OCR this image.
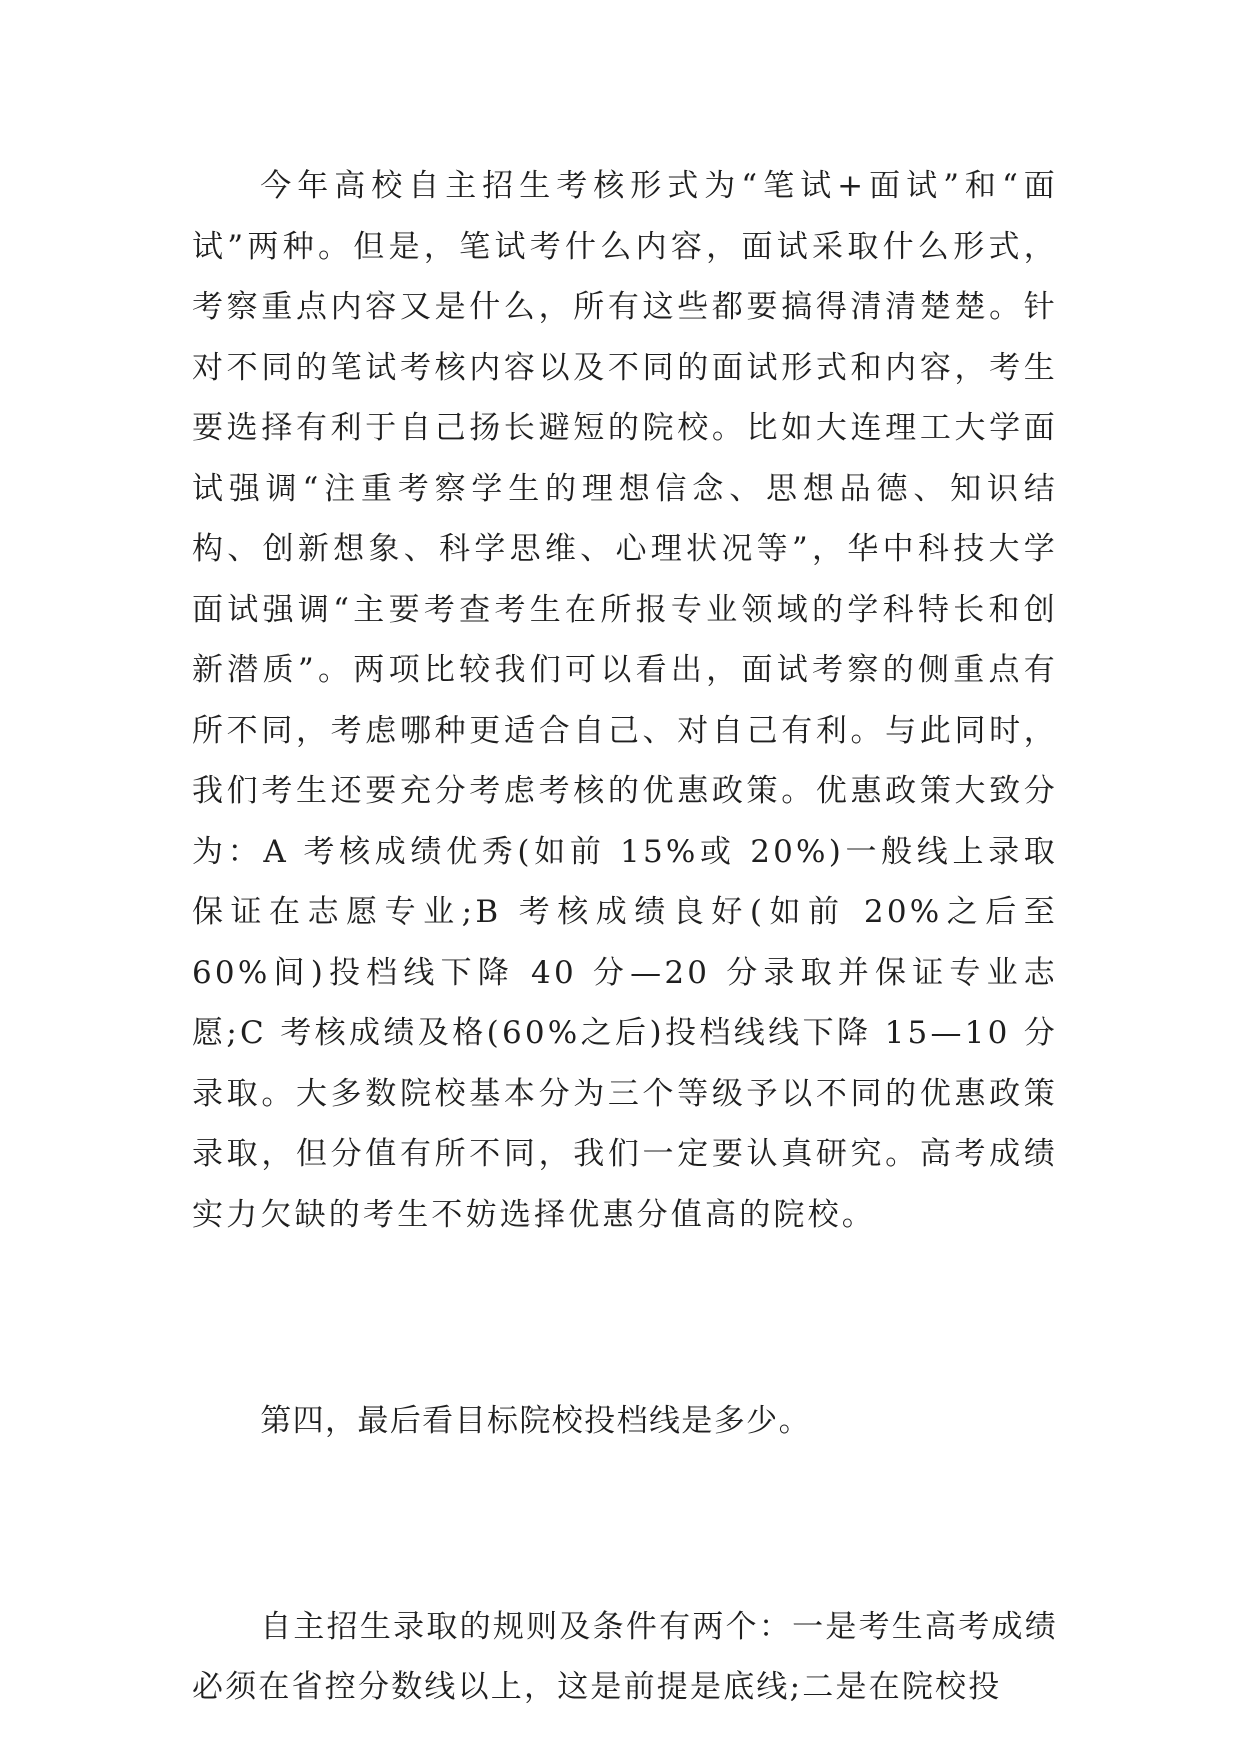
今年高校自主招生考核形式为“笔试+面试”和“面试”两种。但是，笔试考什么内容，面试采取什么形式，考察重点内容又是什么，所有这些都要搞得清清楚楚。针对不同的笔试考核内容以及不同的面试形式和内容，考生要选择有利于自己扬长避短的院校。比如大连理工大学面试强调“注重考察学生的理想信念、思想品德、知识结构、创新想象、科学思维、心理状况等”，华中科技大学面试强调“主要考查考生在所报专业领域的学科特长和创新潜质”。两项比较我们可以看出，面试考察的侧重点有所不同，考虑哪种更适合自己、对自己有利。与此同时，我们考生还要充分考虑考核的优惠政策。优惠政策大致分为：A 考核成绩优秀(如前 15%或 20%)一般线上录取保证在志愿专业;B 考核成绩良好(如前 20%之后至 60%间)投档线下降 40 分—20 分录取并保证专业志愿;C 考核成绩及格(60%之后)投档线线下降 15—10 分录取。大多数院校基本分为三个等级予以不同的优惠政策录取，但分值有所不同，我们一定要认真研究。高考成绩实力欠缺的考生不妨选择优惠分值高的院校。

第四，最后看目标院校投档线是多少。

自主招生录取的规则及条件有两个：一是考生高考成绩必须在省控分数线以上，这是前提是底线;二是在院校投
